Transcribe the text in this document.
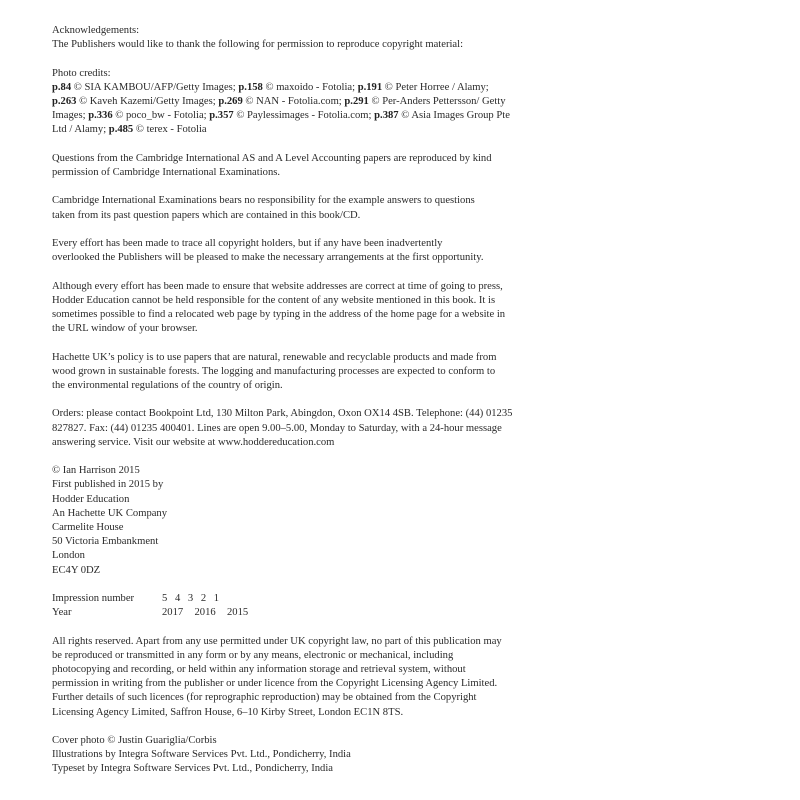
Acknowledgements:
The Publishers would like to thank the following for permission to reproduce copyright material:
Photo credits:
p.84 © SIA KAMBOU/AFP/Getty Images; p.158 © maxoido - Fotolia; p.191 © Peter Horree / Alamy; p.263 © Kaveh Kazemi/Getty Images; p.269 © NAN - Fotolia.com; p.291 © Per-Anders Pettersson/ Getty Images; p.336 © poco_bw - Fotolia; p.357 © Paylessimages - Fotolia.com; p.387 © Asia Images Group Pte Ltd / Alamy; p.485 © terex - Fotolia
Questions from the Cambridge International AS and A Level Accounting papers are reproduced by kind permission of Cambridge International Examinations.
Cambridge International Examinations bears no responsibility for the example answers to questions taken from its past question papers which are contained in this book/CD.
Every effort has been made to trace all copyright holders, but if any have been inadvertently overlooked the Publishers will be pleased to make the necessary arrangements at the first opportunity.
Although every effort has been made to ensure that website addresses are correct at time of going to press, Hodder Education cannot be held responsible for the content of any website mentioned in this book. It is sometimes possible to find a relocated web page by typing in the address of the home page for a website in the URL window of your browser.
Hachette UK’s policy is to use papers that are natural, renewable and recyclable products and made from wood grown in sustainable forests. The logging and manufacturing processes are expected to conform to the environmental regulations of the country of origin.
Orders: please contact Bookpoint Ltd, 130 Milton Park, Abingdon, Oxon OX14 4SB. Telephone: (44) 01235 827827. Fax: (44) 01235 400401. Lines are open 9.00–5.00, Monday to Saturday, with a 24-hour message answering service. Visit our website at www.hoddereducation.com
© Ian Harrison 2015
First published in 2015 by
Hodder Education
An Hachette UK Company
Carmelite House
50 Victoria Embankment
London
EC4Y 0DZ
Impression number	5 4 3 2 1
Year	2017  2016  2015
All rights reserved. Apart from any use permitted under UK copyright law, no part of this publication may be reproduced or transmitted in any form or by any means, electronic or mechanical, including photocopying and recording, or held within any information storage and retrieval system, without permission in writing from the publisher or under licence from the Copyright Licensing Agency Limited. Further details of such licences (for reprographic reproduction) may be obtained from the Copyright Licensing Agency Limited, Saffron House, 6–10 Kirby Street, London EC1N 8TS.
Cover photo © Justin Guariglia/Corbis
Illustrations by Integra Software Services Pvt. Ltd., Pondicherry, India
Typeset by Integra Software Services Pvt. Ltd., Pondicherry, India
